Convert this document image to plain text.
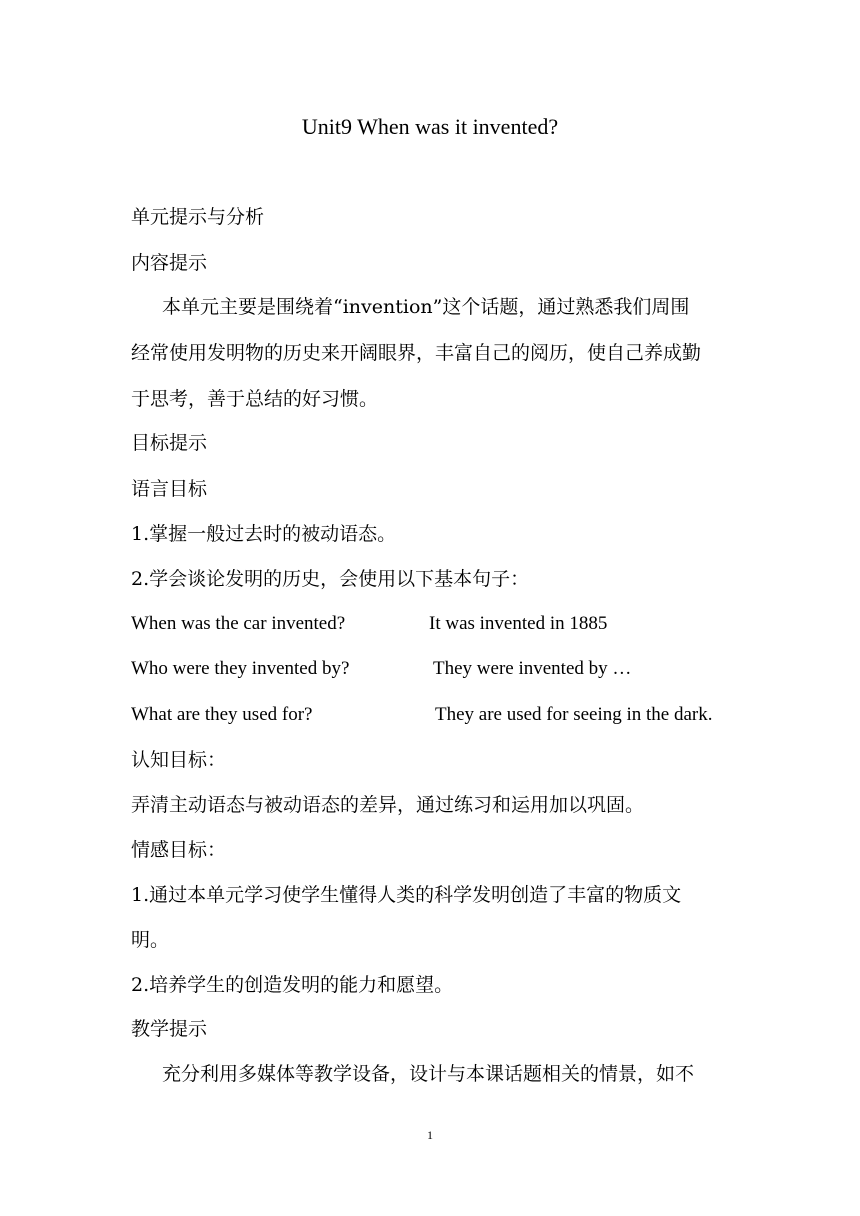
Unit9 When was it invented?
单元提示与分析
内容提示
本单元主要是围绕着“invention”这个话题，通过熟悉我们周围
经常使用发明物的历史来开阔眼界，丰富自己的阅历，使自己养成勤
于思考，善于总结的好习惯。
目标提示
语言目标
1.掌握一般过去时的被动语态。
2.学会谈论发明的历史，会使用以下基本句子：
When was the car invented?	It was invented in 1885
Who were they invented by?	They were invented by …
What are they used for?	They are used for seeing in the dark.
认知目标：
弄清主动语态与被动语态的差异，通过练习和运用加以巩固。
情感目标：
1.通过本单元学习使学生懂得人类的科学发明创造了丰富的物质文
明。
2.培养学生的创造发明的能力和愿望。
教学提示
充分利用多媒体等教学设备，设计与本课话题相关的情景，如不
1
